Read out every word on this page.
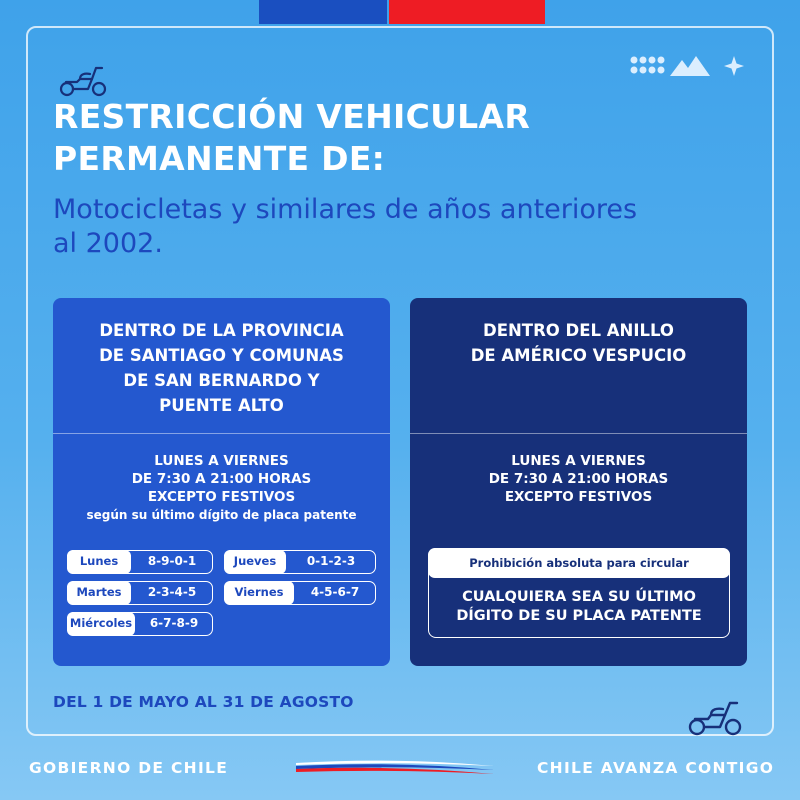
RESTRICCIÓN VEHICULAR
PERMANENTE DE:

Motocicletas y similares de años anteriores
al 2002.

DENTRO DE LA PROVINCIA
DE SANTIAGO Y COMUNAS
DE SAN BERNARDO Y
PUENTE ALTO

LUNES A VIERNES
DE 7:30 A 21:00 HORAS
EXCEPTO FESTIVOS
según su último dígito de placa patente
Lunes	8-9-0-1
Martes	2-3-4-5
Miércoles	6-7-8-9
Jueves	0-1-2-3
Viernes	4-5-6-7

DENTRO DEL ANILLO
DE AMÉRICO VESPUCIO

LUNES A VIERNES
DE 7:30 A 21:00 HORAS
EXCEPTO FESTIVOS
Prohibición absoluta para circular

CUALQUIERA SEA SU ÚLTIMO
DÍGITO DE SU PLACA PATENTE

DEL 1 DE MAYO AL 31 DE AGOSTO

GOBIERNO DE CHILE	CHILE AVANZA CONTIGO
